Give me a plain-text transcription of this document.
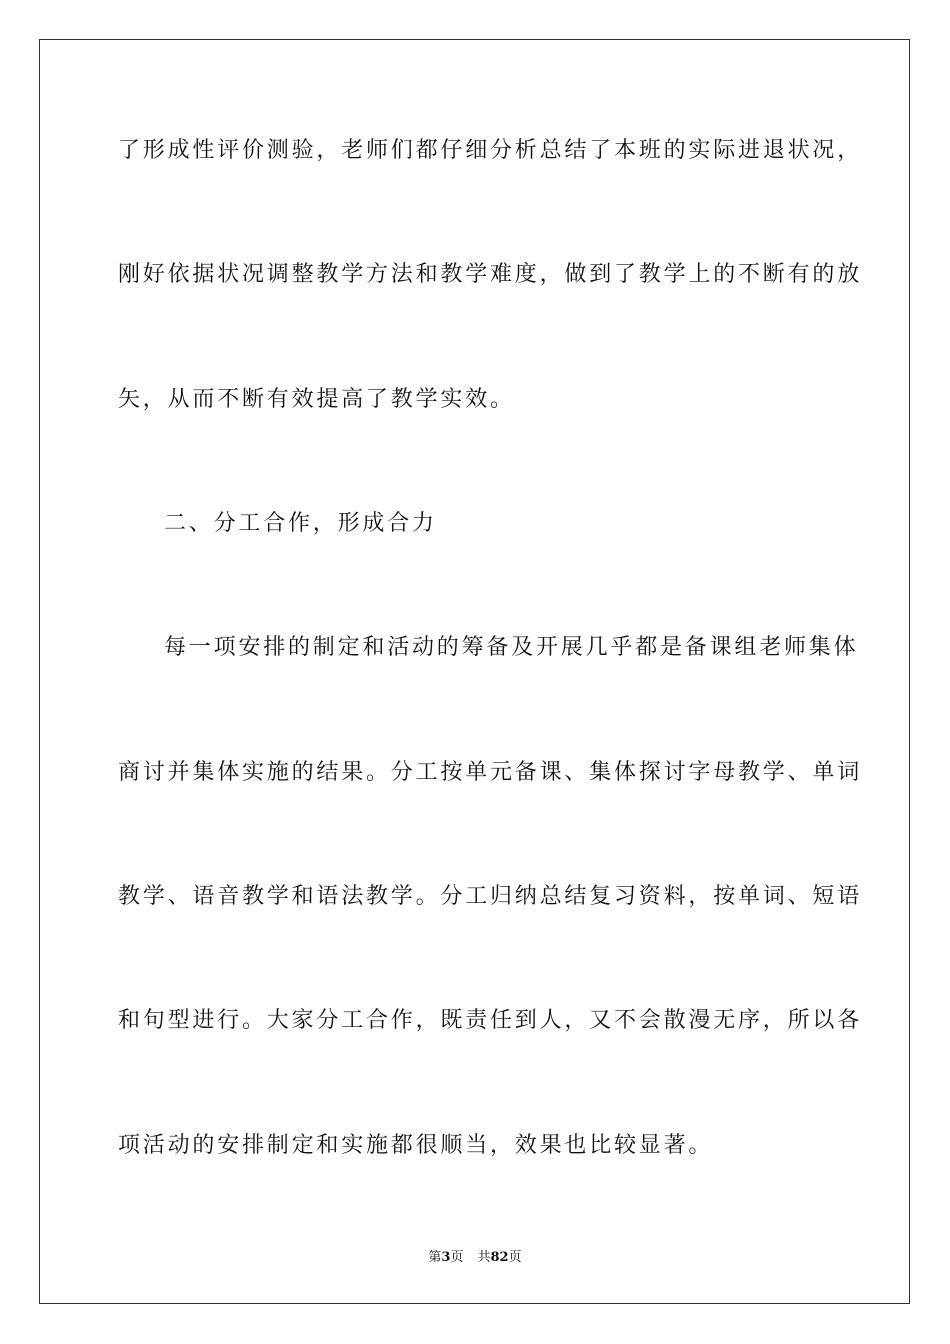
了形成性评价测验，老师们都仔细分析总结了本班的实际进退状况，
刚好依据状况调整教学方法和教学难度，做到了教学上的不断有的放
矢，从而不断有效提高了教学实效。
二、分工合作，形成合力
每一项安排的制定和活动的筹备及开展几乎都是备课组老师集体
商讨并集体实施的结果。分工按单元备课、集体探讨字母教学、单词
教学、语音教学和语法教学。分工归纳总结复习资料，按单词、短语
和句型进行。大家分工合作，既责任到人，又不会散漫无序，所以各
项活动的安排制定和实施都很顺当，效果也比较显著。
第3页 共82页
